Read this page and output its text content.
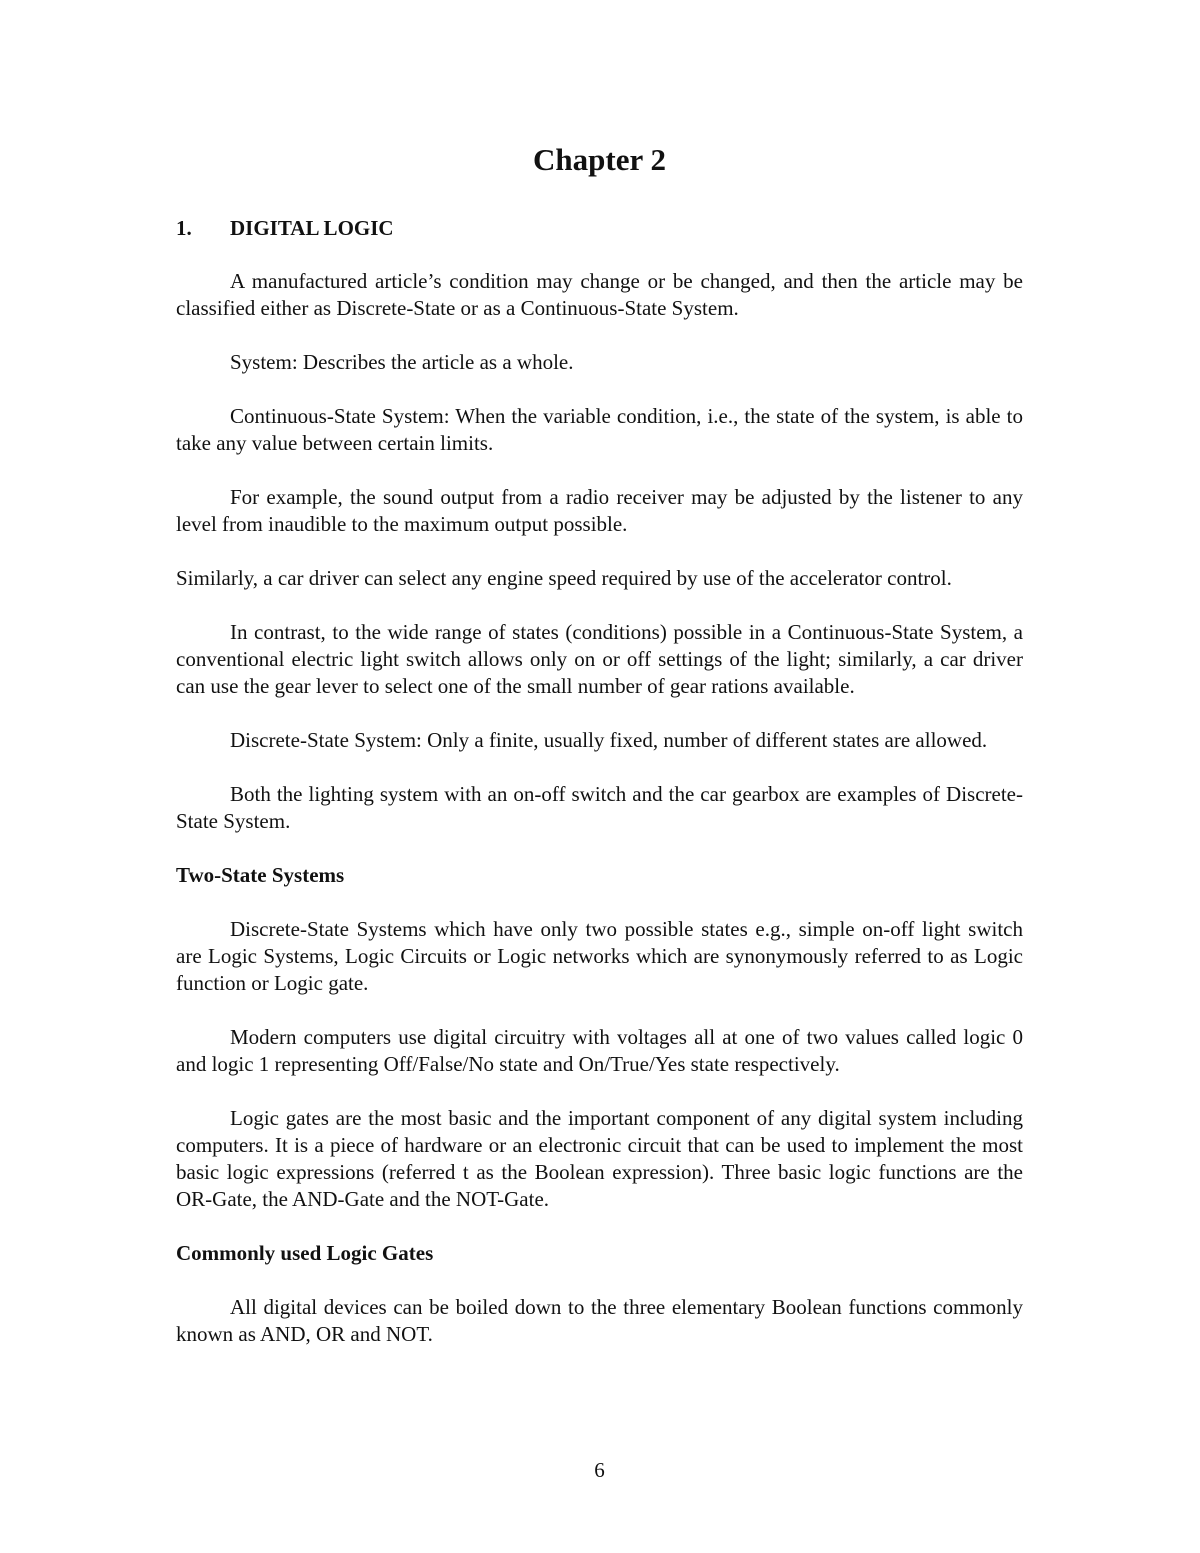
Chapter 2
1. DIGITAL LOGIC

A manufactured article’s condition may change or be changed, and then the article may be classified either as Discrete-State or as a Continuous-State System.

System: Describes the article as a whole.

Continuous-State System: When the variable condition, i.e., the state of the system, is able to take any value between certain limits.

For example, the sound output from a radio receiver may be adjusted by the listener to any level from inaudible to the maximum output possible.

Similarly, a car driver can select any engine speed required by use of the accelerator control.

In contrast, to the wide range of states (conditions) possible in a Continuous-State System, a conventional electric light switch allows only on or off settings of the light; similarly, a car driver can use the gear lever to select one of the small number of gear rations available.

Discrete-State System: Only a finite, usually fixed, number of different states are allowed.

Both the lighting system with an on-off switch and the car gearbox are examples of Discrete-State System.

Two-State Systems

Discrete-State Systems which have only two possible states e.g., simple on-off light switch are Logic Systems, Logic Circuits or Logic networks which are synonymously referred to as Logic function or Logic gate.

Modern computers use digital circuitry with voltages all at one of two values called logic 0 and logic 1 representing Off/False/No state and On/True/Yes state respectively.

Logic gates are the most basic and the important component of any digital system including computers. It is a piece of hardware or an electronic circuit that can be used to implement the most basic logic expressions (referred t as the Boolean expression). Three basic logic functions are the OR-Gate, the AND-Gate and the NOT-Gate.

Commonly used Logic Gates

All digital devices can be boiled down to the three elementary Boolean functions commonly known as AND, OR and NOT.

6
